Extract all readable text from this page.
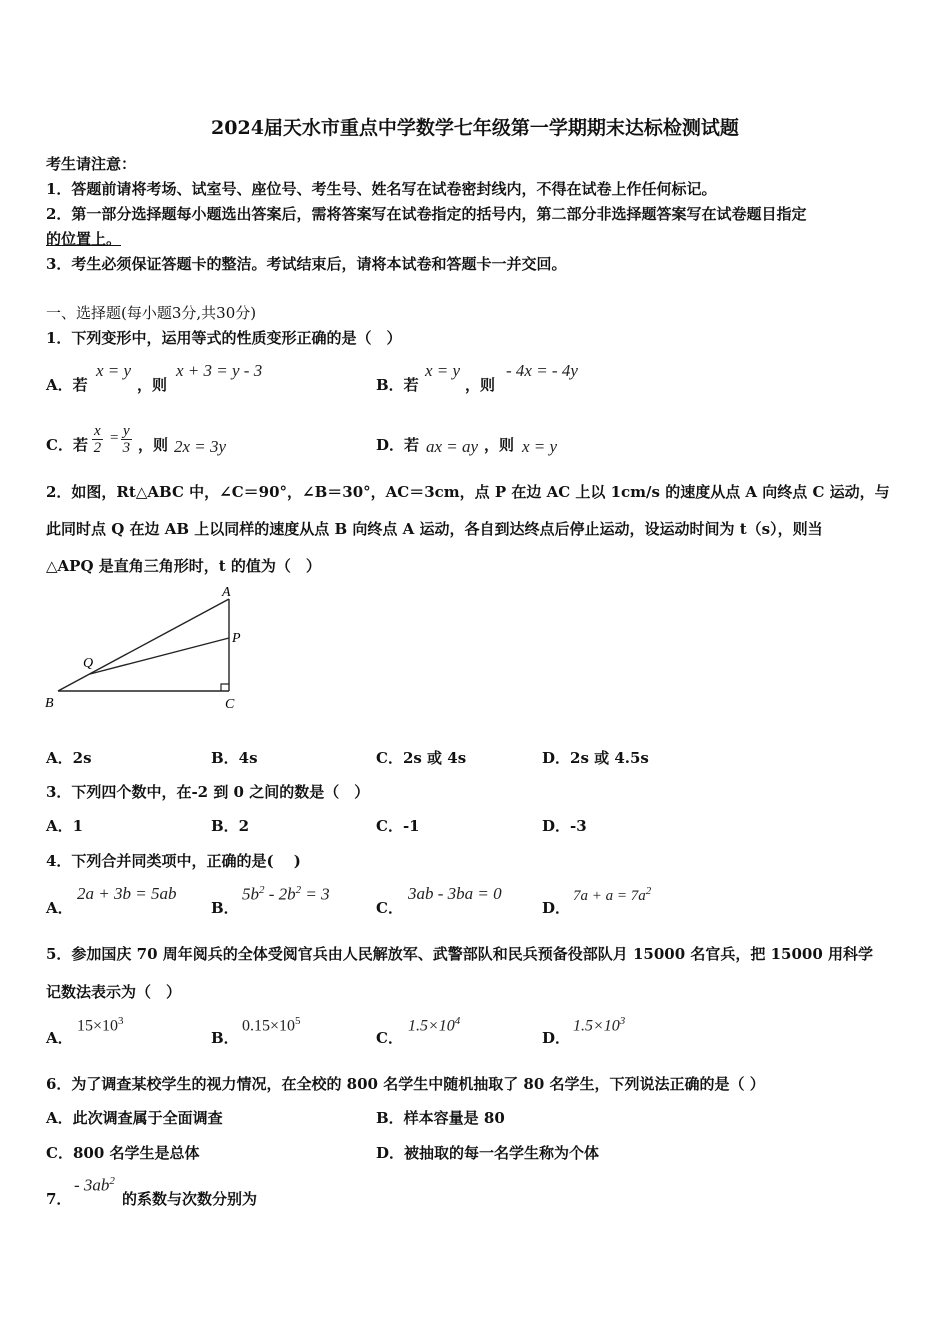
2024届天水市重点中学数学七年级第一学期期末达标检测试题
考生请注意：
1．答题前请将考场、试室号、座位号、考生号、姓名写在试卷密封线内，不得在试卷上作任何标记。
2．第一部分选择题每小题选出答案后，需将答案写在试卷指定的括号内，第二部分非选择题答案写在试卷题目指定
的位置上。
3．考生必须保证答题卡的整洁。考试结束后，请将本试卷和答题卡一并交回。
一、选择题(每小题3分,共30分)
1．下列变形中，运用等式的性质变形正确的是（　）
A．若
x = y
，则
x + 3 = y - 3
B．若
x = y
，则
- 4x = - 4y
C．若 $\frac{x}{2} = \frac{y}{3}$ ，则 2x = 3y	D．若 ax = ay ，则 x = y
2．如图，Rt△ABC 中，∠C＝90°，∠B＝30°，AC＝3cm，点 P 在边 AC 上以 1cm/s 的速度从点 A 向终点 C 运动，与
此同时点 Q 在边 AB 上以同样的速度从点 B 向终点 A 运动，各自到达终点后停止运动，设运动时间为 t（s），则当
△APQ 是直角三角形时，t 的值为（　）
A
P
Q
B	C
A．2s	B．4s	C．2s 或 4s	D．2s 或 4.5s
3．下列四个数中，在-2 到 0 之间的数是（　）
A．1	B．2	C．-1	D．-3
4．下列合并同类项中，正确的是(　 )
A．
2a + 3b = 5ab
B．
$5b^2 - 2b^2 = 3$
C．
3ab - 3ba = 0
D．
$7a + a = 7a^2$
5．参加国庆 70 周年阅兵的全体受阅官兵由人民解放军、武警部队和民兵预备役部队月 15000 名官兵，把 15000 用科学
记数法表示为（　）
A．
$15\times 10^3$
B．
$0.15\times 10^5$
C．
$1.5\times 10^4$
D．
$1.5\times 10^3$
6．为了调查某校学生的视力情况，在全校的 800 名学生中随机抽取了 80 名学生，下列说法正确的是（ ）
A．此次调查属于全面调查	B．样本容量是 80
C．800 名学生是总体	D．被抽取的每一名学生称为个体
7．
- $3ab^2$
的系数与次数分别为
